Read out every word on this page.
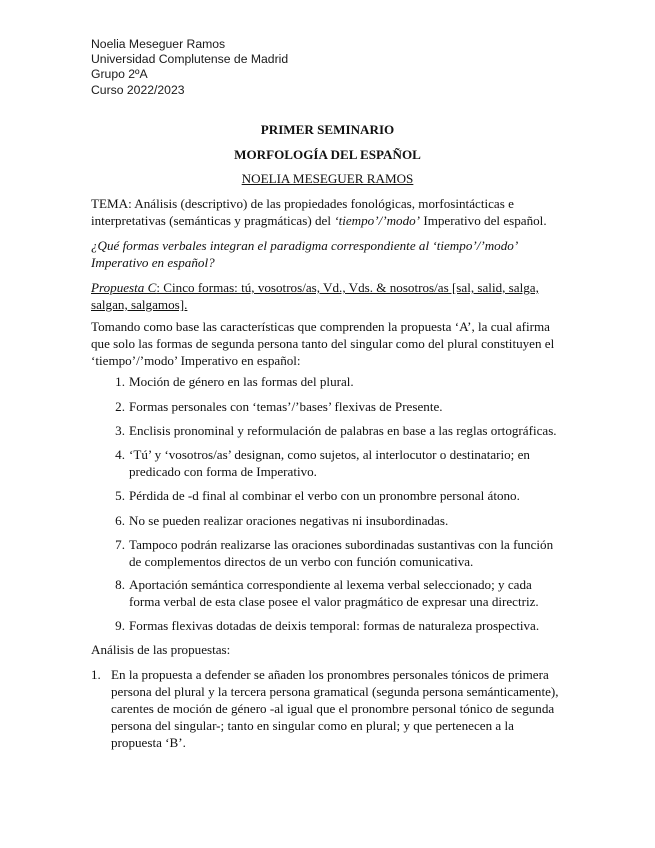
Noelia Meseguer Ramos
Universidad Complutense de Madrid
Grupo 2ºA
Curso 2022/2023
PRIMER SEMINARIO
MORFOLOGÍA DEL ESPAÑOL
NOELIA MESEGUER RAMOS
TEMA: Análisis (descriptivo) de las propiedades fonológicas, morfosintácticas e interpretativas (semánticas y pragmáticas) del ‘tiempo’/’modo’ Imperativo del español.
¿Qué formas verbales integran el paradigma correspondiente al ‘tiempo’/’modo’ Imperativo en español?
Propuesta C: Cinco formas: tú, vosotros/as, Vd., Vds. & nosotros/as [sal, salid, salga, salgan, salgamos].
Tomando como base las características que comprenden la propuesta ‘A’, la cual afirma que solo las formas de segunda persona tanto del singular como del plural constituyen el ‘tiempo’/’modo’ Imperativo en español:
1. Moción de género en las formas del plural.
2. Formas personales con ‘temas’/’bases’ flexivas de Presente.
3. Enclisis pronominal y reformulación de palabras en base a las reglas ortográficas.
4. ‘Tú’ y ‘vosotros/as’ designan, como sujetos, al interlocutor o destinatario; en predicado con forma de Imperativo.
5. Pérdida de -d final al combinar el verbo con un pronombre personal átono.
6. No se pueden realizar oraciones negativas ni insubordinadas.
7. Tampoco podrán realizarse las oraciones subordinadas sustantivas con la función de complementos directos de un verbo con función comunicativa.
8. Aportación semántica correspondiente al lexema verbal seleccionado; y cada forma verbal de esta clase posee el valor pragmático de expresar una directriz.
9. Formas flexivas dotadas de deixis temporal: formas de naturaleza prospectiva.
Análisis de las propuestas:
1. En la propuesta a defender se añaden los pronombres personales tónicos de primera persona del plural y la tercera persona gramatical (segunda persona semánticamente), carentes de moción de género -al igual que el pronombre personal tónico de segunda persona del singular-; tanto en singular como en plural; y que pertenecen a la propuesta ‘B’.
